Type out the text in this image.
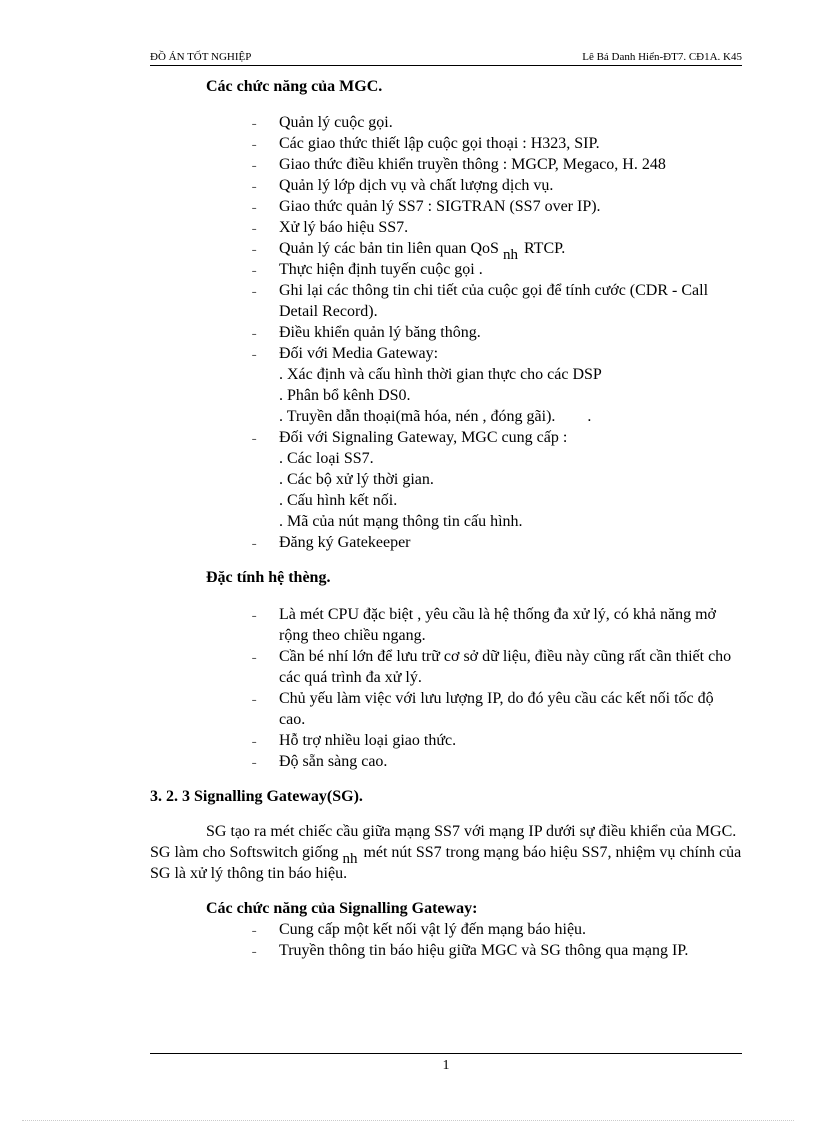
ĐỒ ÁN TỐT NGHIỆP	Lê Bá Danh Hiển-ĐT7. CĐ1A. K45

Các chức năng của MGC.
˗ Quản lý cuộc gọi.
˗ Các giao thức thiết lập cuộc gọi thoại : H323, SIP.
˗ Giao thức điều khiển truyền thông : MGCP, Megaco, H. 248
˗ Quản lý lớp dịch vụ và chất lượng dịch vụ.
˗ Giao thức quản lý SS7 : SIGTRAN (SS7 over IP).
˗ Xử lý báo hiệu SS7.
˗ Quản lý các bản tin liên quan QoS $_{nh}$ RTCP.
˗ Thực hiện định tuyến cuộc gọi .
˗ Ghi lại các thông tin chi tiết của cuộc gọi để tính cước (CDR - Call Detail Record).
˗ Điều khiển quản lý băng thông.
˗ Đối với Media Gateway:
. Xác định và cấu hình thời gian thực cho các DSP
. Phân bổ kênh DS0.
. Truyền dẫn thoại(mã hóa, nén , đóng gãi).        .
˗ Đối với Signaling Gateway, MGC cung cấp :
. Các loại SS7.
. Các bộ xử lý thời gian.
. Cấu hình kết nối.
. Mã của nút mạng thông tin cấu hình.
˗ Đăng ký Gatekeeper
Đặc tính hệ thèng.
˗ Là mét CPU đặc biệt , yêu cầu là hệ thống đa xử lý, có khả năng mở rộng theo chiều ngang.
˗ Cần bé nhí lớn để lưu trữ cơ sở dữ liệu, điều này cũng rất cần thiết cho các quá trình đa xử lý.
˗ Chủ yếu làm việc với lưu lượng IP, do đó yêu cầu các kết nối tốc độ cao.
˗ Hỗ trợ nhiều loại giao thức.
˗ Độ sẵn sàng cao.
3. 2. 3 Signalling Gateway(SG).

SG tạo ra mét chiếc cầu giữa mạng SS7 với mạng IP dưới sự điều khiển của MGC. SG làm cho Softswitch giống $_{nh}$ mét nút SS7 trong mạng báo hiệu SS7, nhiệm vụ chính của SG là xử lý thông tin báo hiệu.

Các chức năng của Signalling Gateway:
˗ Cung cấp một kết nối vật lý đến mạng báo hiệu.
˗ Truyền thông tin báo hiệu giữa MGC và SG thông qua mạng IP.
1
